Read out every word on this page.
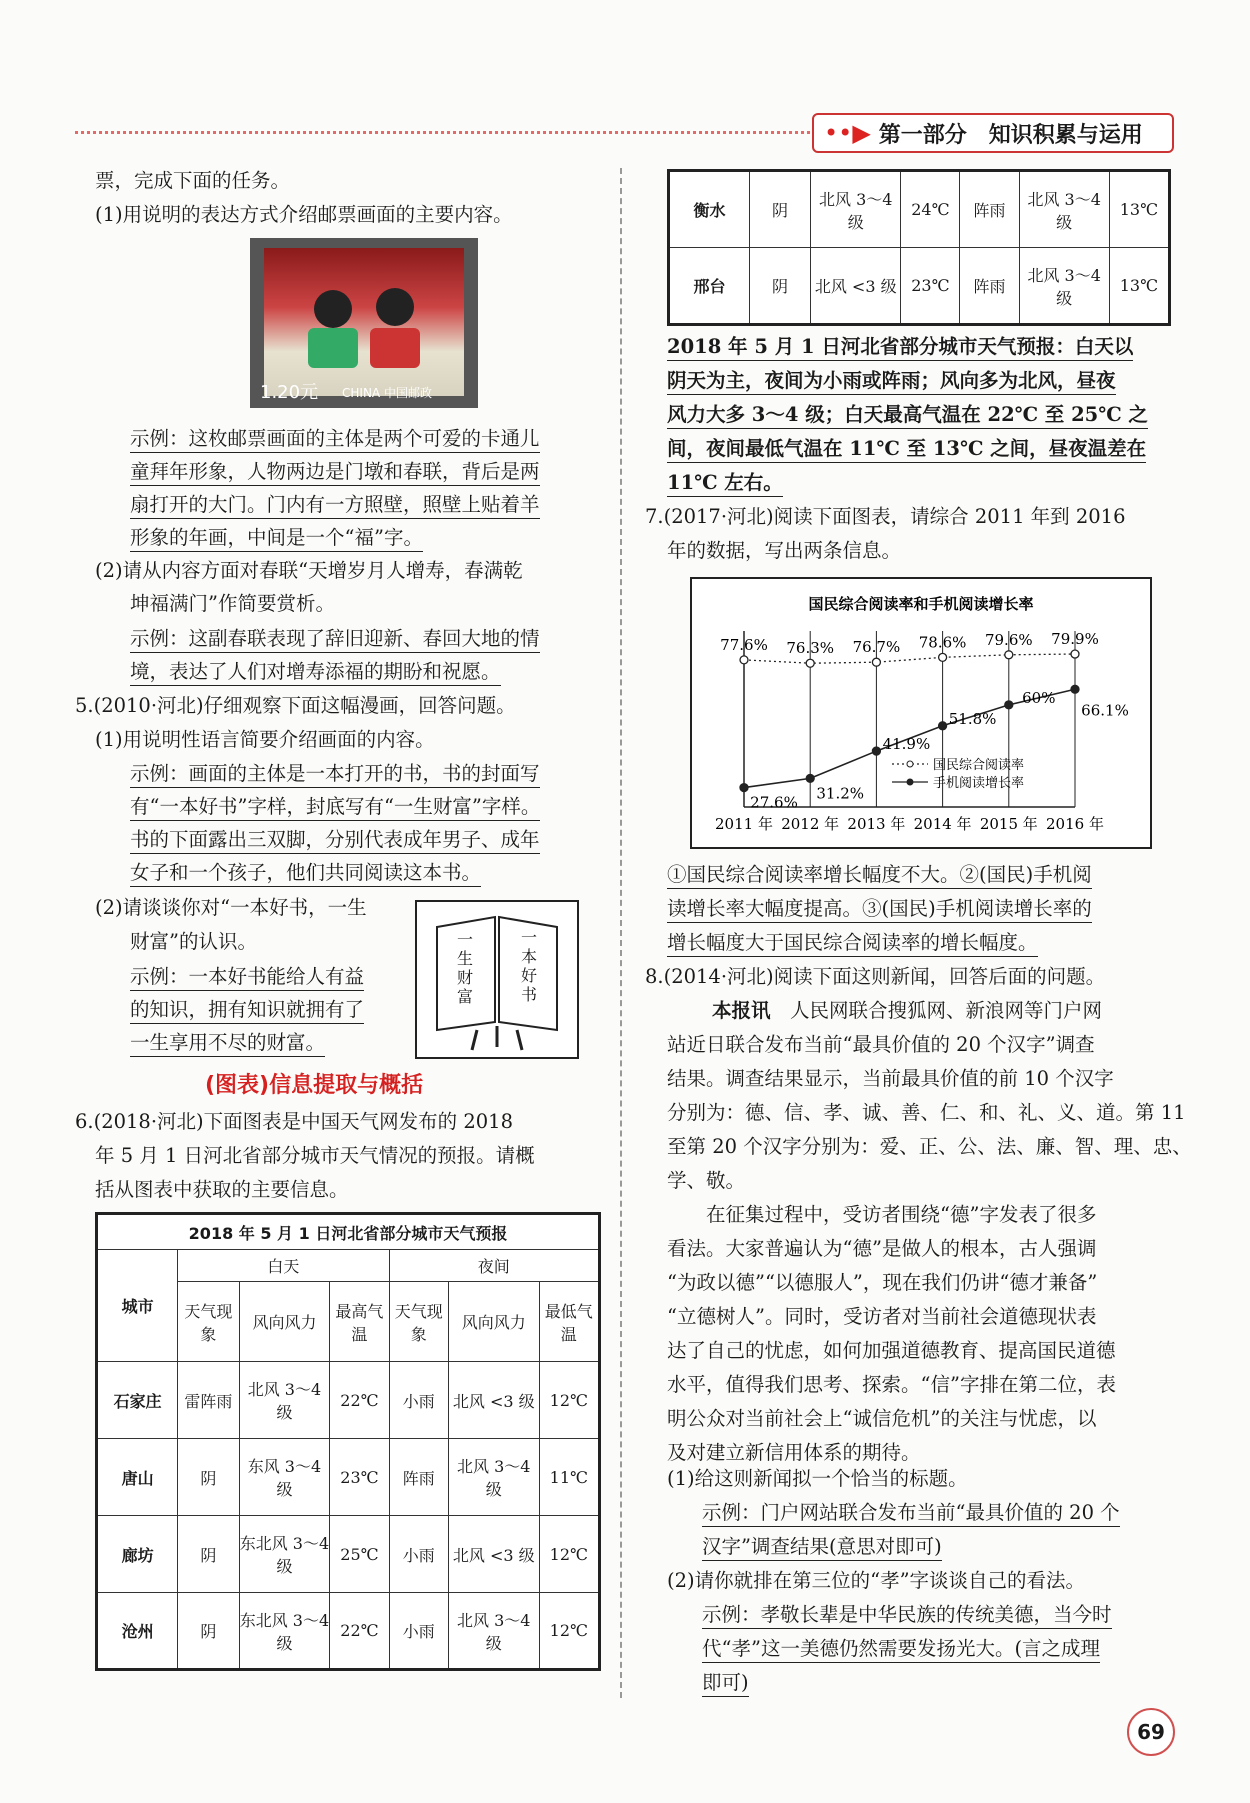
••▶ 第一部分　知识积累与运用
票，完成下面的任务。
(1)用说明的表达方式介绍邮票画面的主要内容。
1.20元 CHINA 中国邮政
示例：这枚邮票画面的主体是两个可爱的卡通儿
童拜年形象，人物两边是门墩和春联，背后是两
扇打开的大门。门内有一方照壁，照壁上贴着羊
形象的年画，中间是一个“福”字。
(2)请从内容方面对春联“天增岁月人增寿，春满乾
坤福满门”作简要赏析。
示例：这副春联表现了辞旧迎新、春回大地的情
境，表达了人们对增寿添福的期盼和祝愿。
5.(2010·河北)仔细观察下面这幅漫画，回答问题。
(1)用说明性语言简要介绍画面的内容。
示例：画面的主体是一本打开的书，书的封面写
有“一本好书”字样，封底写有“一生财富”字样。
书的下面露出三双脚，分别代表成年男子、成年
女子和一个孩子，他们共同阅读这本书。
(2)请谈谈你对“一本好书，一生
财富”的认识。
示例：一本好书能给人有益
的知识，拥有知识就拥有了
一生享用不尽的财富。
一生财富
一本好书
(图表)信息提取与概括
6.(2018·河北)下面图表是中国天气网发布的 2018
年 5 月 1 日河北省部分城市天气情况的预报。请概
括从图表中获取的主要信息。
2018 年 5 月 1 日河北省部分城市天气预报						
城市	白天			夜间		
	天气现象	风向风力	最高气温	天气现象	风向风力	最低气温
石家庄	雷阵雨	北风 3～4 级	22℃	小雨	北风 <3 级	12℃
唐山	阴	东风 3～4 级	23℃	阵雨	北风 3～4 级	11℃
廊坊	阴	东北风 3～4 级	25℃	小雨	北风 <3 级	12℃
沧州	阴	东北风 3～4 级	22℃	小雨	北风 3～4 级	12℃
衡水	阴	北风 3～4 级	24℃	阵雨	北风 3～4 级	13℃
邢台	阴	北风 <3 级	23℃	阵雨	北风 3～4 级	13℃
2018 年 5 月 1 日河北省部分城市天气预报：白天以
阴天为主，夜间为小雨或阵雨；风向多为北风，昼夜
风力大多 3～4 级；白天最高气温在 22℃ 至 25℃ 之
间，夜间最低气温在 11℃ 至 13℃ 之间，昼夜温差在
11℃ 左右。
7.(2017·河北)阅读下面图表，请综合 2011 年到 2016
年的数据，写出两条信息。
国民综合阅读率和手机阅读增长率
2011 年 2012 年 2013 年 2014 年 2015 年 2016 年
77.6% 76.3% 76.7% 78.6% 79.6% 79.9%
27.6%
31.2%
41.9%
51.8%
60%
66.1%
国民综合阅读率
手机阅读增长率
①国民综合阅读率增长幅度不大。②(国民)手机阅
读增长率大幅度提高。③(国民)手机阅读增长率的
增长幅度大于国民综合阅读率的增长幅度。
8.(2014·河北)阅读下面这则新闻，回答后面的问题。
本报讯　人民网联合搜狐网、新浪网等门户网
站近日联合发布当前“最具价值的 20 个汉字”调查
结果。调查结果显示，当前最具价值的前 10 个汉字
分别为：德、信、孝、诚、善、仁、和、礼、义、道。第 11
至第 20 个汉字分别为：爱、正、公、法、廉、智、理、忠、
学、敬。
　　在征集过程中，受访者围绕“德”字发表了很多
看法。大家普遍认为“德”是做人的根本，古人强调
“为政以德”“以德服人”，现在我们仍讲“德才兼备”
“立德树人”。同时，受访者对当前社会道德现状表
达了自己的忧虑，如何加强道德教育、提高国民道德
水平，值得我们思考、探索。“信”字排在第二位，表
明公众对当前社会上“诚信危机”的关注与忧虑，以
及对建立新信用体系的期待。
(1)给这则新闻拟一个恰当的标题。
示例：门户网站联合发布当前“最具价值的 20 个
汉字”调查结果(意思对即可)
(2)请你就排在第三位的“孝”字谈谈自己的看法。
示例：孝敬长辈是中华民族的传统美德，当今时
代“孝”这一美德仍然需要发扬光大。(言之成理
即可)
69
